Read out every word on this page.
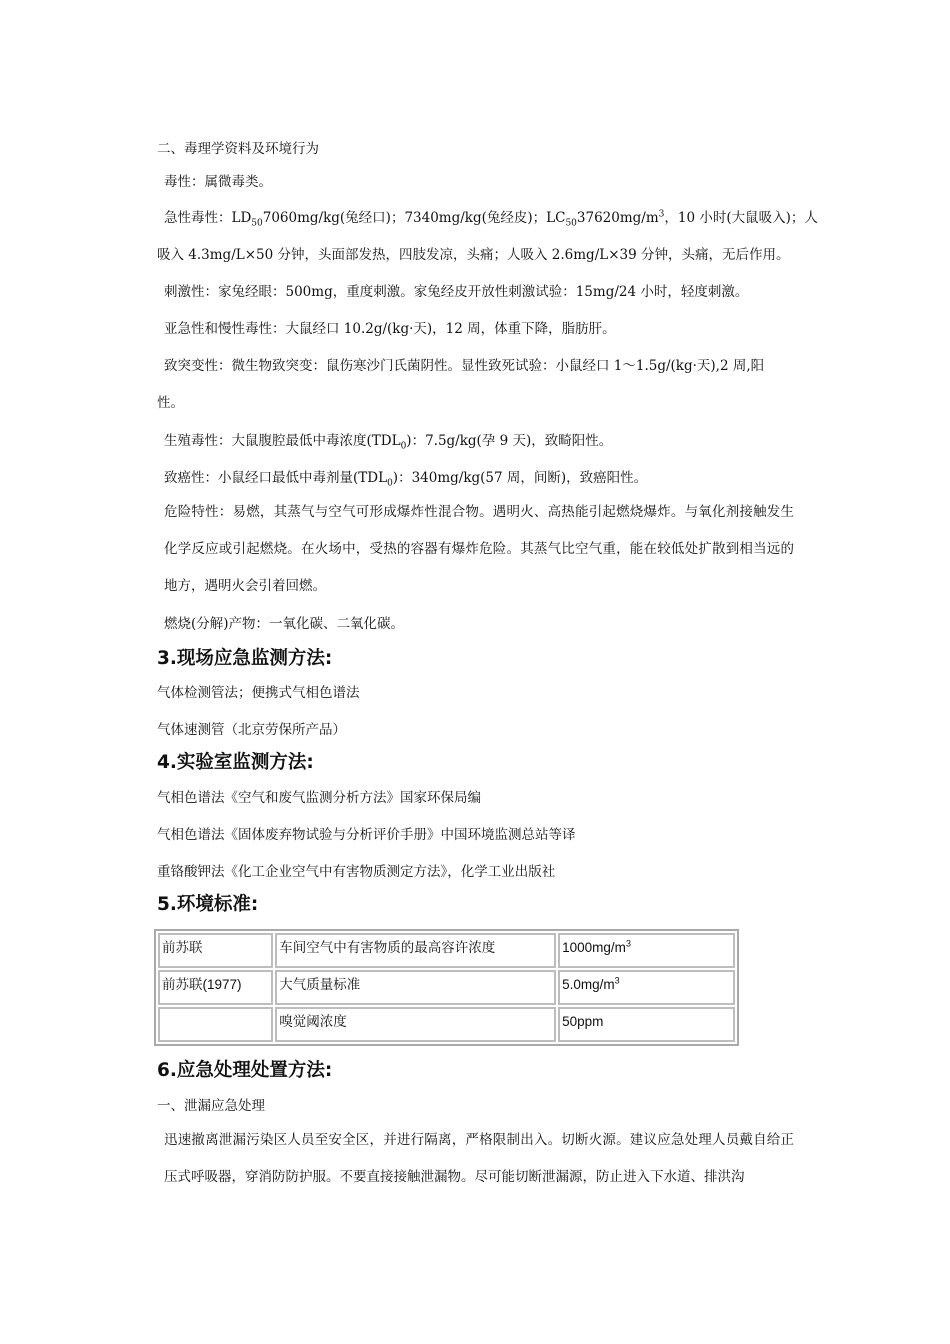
二、毒理学资料及环境行为
毒性：属微毒类。
急性毒性：$LD_{50}7060mg/kg$(兔经口)；7340mg/kg(兔经皮)；$LC_{50}37620mg/m^3$，10 小时(大鼠吸入)；人
吸入 4.3mg/L×50 分钟，头面部发热，四肢发凉，头痛；人吸入 2.6mg/L×39 分钟，头痛，无后作用。
刺激性：家兔经眼：500mg，重度刺激。家兔经皮开放性刺激试验：15mg/24 小时，轻度刺激。
亚急性和慢性毒性：大鼠经口 10.2g/(kg·天)，12 周，体重下降，脂肪肝。
致突变性：微生物致突变：鼠伤寒沙门氏菌阴性。显性致死试验：小鼠经口 1～1.5g/(kg·天),2 周,阳
性。
生殖毒性：大鼠腹腔最低中毒浓度$(TDL_0)$：7.5g/kg(孕 9 天)，致畸阳性。
致癌性：小鼠经口最低中毒剂量$(TDL_0)$：340mg/kg(57 周，间断)，致癌阳性。
危险特性：易燃，其蒸气与空气可形成爆炸性混合物。遇明火、高热能引起燃烧爆炸。与氧化剂接触发生化学反应或引起燃烧。在火场中，受热的容器有爆炸危险。其蒸气比空气重，能在较低处扩散到相当远的地方，遇明火会引着回燃。
燃烧(分解)产物：一氧化碳、二氧化碳。
3.现场应急监测方法:
气体检测管法；便携式气相色谱法
气体速测管（北京劳保所产品）
4.实验室监测方法:
气相色谱法《空气和废气监测分析方法》国家环保局编
气相色谱法《固体废弃物试验与分析评价手册》中国环境监测总站等译
重铬酸钾法《化工企业空气中有害物质测定方法》，化学工业出版社
5.环境标准:
前苏联	车间空气中有害物质的最高容许浓度	$1000mg/m^3$
前苏联(1977)	大气质量标准	$5.0mg/m^3$
	嗅觉阈浓度	50ppm
6.应急处理处置方法:
一、泄漏应急处理
迅速撤离泄漏污染区人员至安全区，并进行隔离，严格限制出入。切断火源。建议应急处理人员戴自给正压式呼吸器，穿消防防护服。不要直接接触泄漏物。尽可能切断泄漏源，防止进入下水道、排洪沟
